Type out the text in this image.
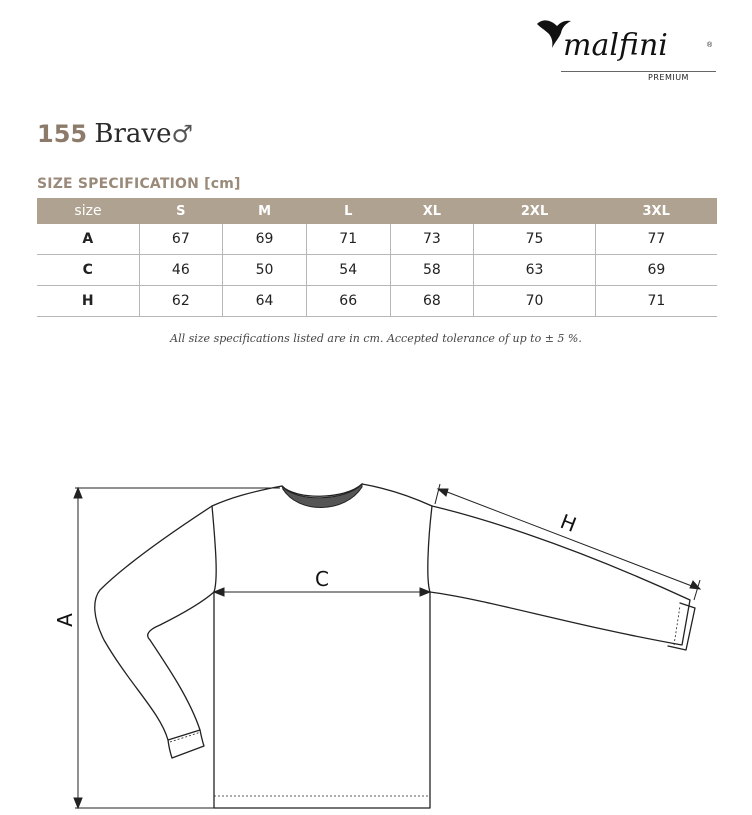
malfini	®
PREMIUM
155 Brave♂
SIZE SPECIFICATION [cm]
size	S	M	L	XL	2XL	3XL
A	67	69	71	73	75	77
C	46	50	54	58	63	69
H	62	64	66	68	70	71
All size specifications listed are in cm. Accepted tolerance of up to ± 5 %.
A
C
H
